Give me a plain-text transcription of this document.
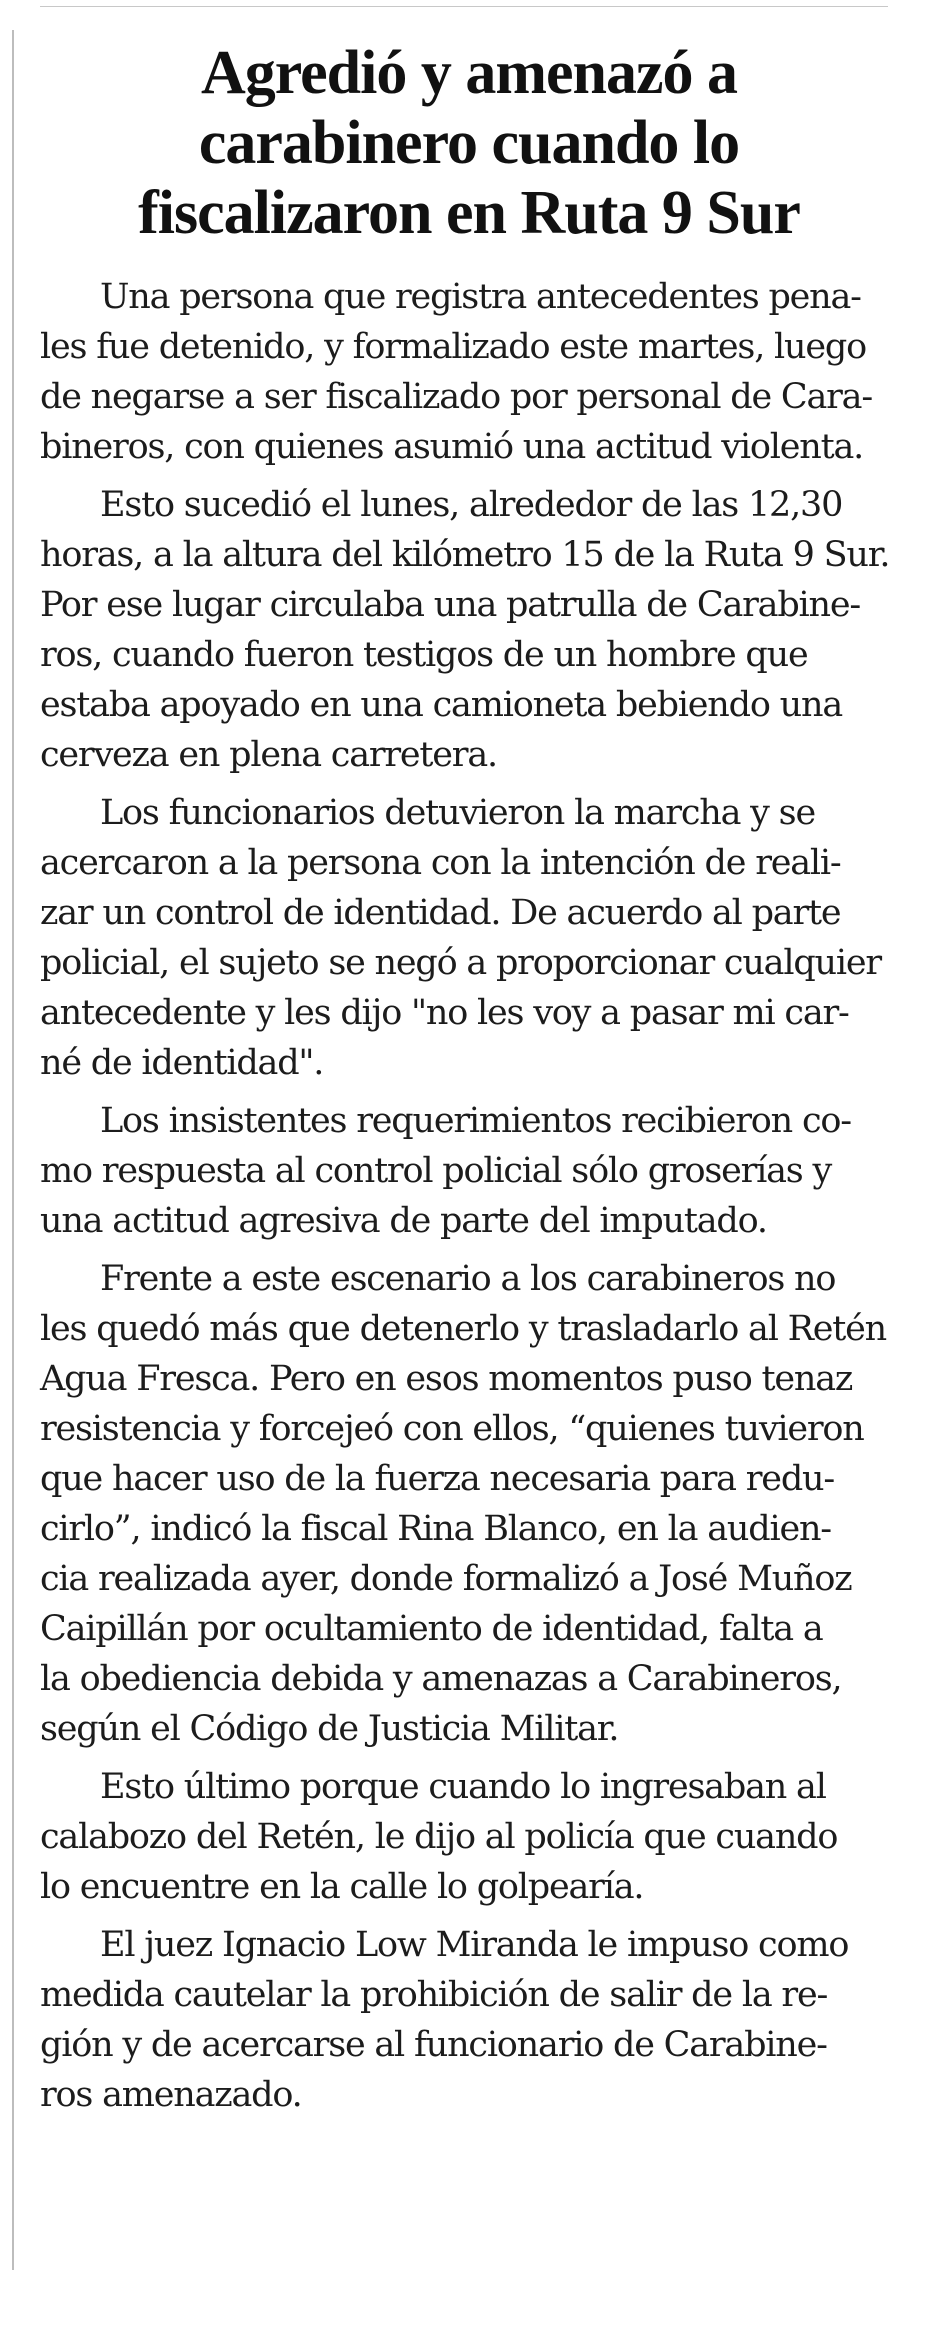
Agredió y amenazó a
carabinero cuando lo
fiscalizaron en Ruta 9 Sur

Una persona que registra antecedentes pena-
les fue detenido, y formalizado este martes, luego
de negarse a ser fiscalizado por personal de Cara-
bineros, con quienes asumió una actitud violenta.

Esto sucedió el lunes, alrededor de las 12,30
horas, a la altura del kilómetro 15 de la Ruta 9 Sur.
Por ese lugar circulaba una patrulla de Carabine-
ros, cuando fueron testigos de un hombre que
estaba apoyado en una camioneta bebiendo una
cerveza en plena carretera.

Los funcionarios detuvieron la marcha y se
acercaron a la persona con la intención de reali-
zar un control de identidad. De acuerdo al parte
policial, el sujeto se negó a proporcionar cualquier
antecedente y les dijo "no les voy a pasar mi car-
né de identidad".

Los insistentes requerimientos recibieron co-
mo respuesta al control policial sólo groserías y
una actitud agresiva de parte del imputado.

Frente a este escenario a los carabineros no
les quedó más que detenerlo y trasladarlo al Retén
Agua Fresca. Pero en esos momentos puso tenaz
resistencia y forcejeó con ellos, “quienes tuvieron
que hacer uso de la fuerza necesaria para redu-
cirlo”, indicó la fiscal Rina Blanco, en la audien-
cia realizada ayer, donde formalizó a José Muñoz
Caipillán por ocultamiento de identidad, falta a
la obediencia debida y amenazas a Carabineros,
según el Código de Justicia Militar.

Esto último porque cuando lo ingresaban al
calabozo del Retén, le dijo al policía que cuando
lo encuentre en la calle lo golpearía.

El juez Ignacio Low Miranda le impuso como
medida cautelar la prohibición de salir de la re-
gión y de acercarse al funcionario de Carabine-
ros amenazado.
